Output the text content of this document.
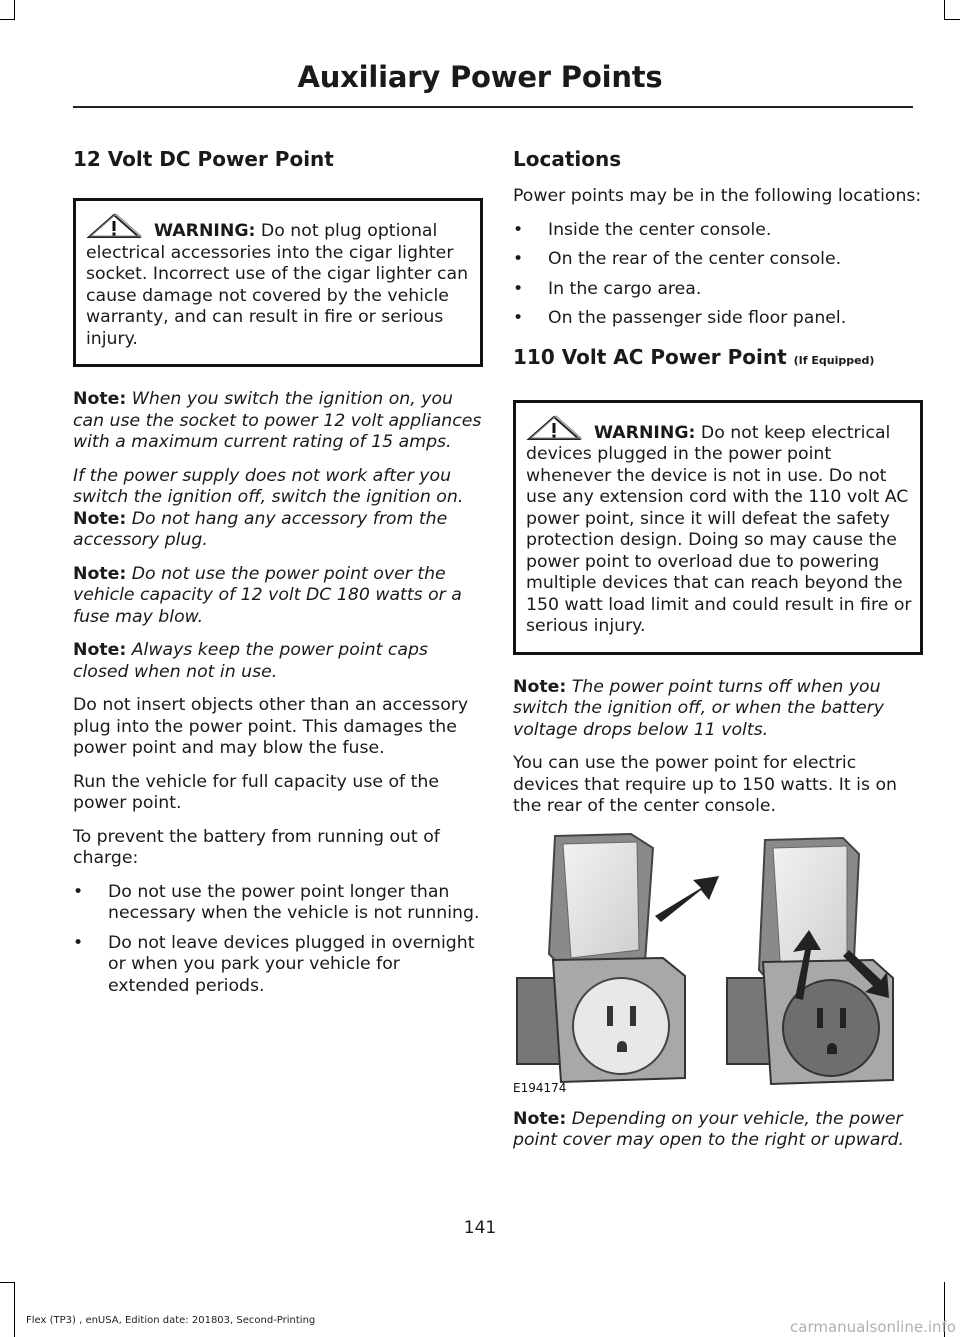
Auxiliary Power Points
12 Volt DC Power Point

WARNING: Do not plug optional electrical accessories into the cigar lighter socket. Incorrect use of the cigar lighter can cause damage not covered by the vehicle warranty, and can result in fire or serious injury.

Note: When you switch the ignition on, you can use the socket to power 12 volt appliances with a maximum current rating of 15 amps.

If the power supply does not work after you switch the ignition off, switch the ignition on.

Note: Do not hang any accessory from the accessory plug.

Note: Do not use the power point over the vehicle capacity of 12 volt DC 180 watts or a fuse may blow.

Note: Always keep the power point caps closed when not in use.

Do not insert objects other than an accessory plug into the power point. This damages the power point and may blow the fuse.

Run the vehicle for full capacity use of the power point.

To prevent the battery from running out of charge:

• Do not use the power point longer than necessary when the vehicle is not running.
• Do not leave devices plugged in overnight or when you park your vehicle for extended periods.
Locations

Power points may be in the following locations:

• Inside the center console.
• On the rear of the center console.
• In the cargo area.
• On the passenger side floor panel.
110 Volt AC Power Point (If Equipped)

WARNING: Do not keep electrical devices plugged in the power point whenever the device is not in use. Do not use any extension cord with the 110 volt AC power point, since it will defeat the safety protection design. Doing so may cause the power point to overload due to powering multiple devices that can reach beyond the 150 watt load limit and could result in fire or serious injury.

Note: The power point turns off when you switch the ignition off, or when the battery voltage drops below 11 volts.

You can use the power point for electric devices that require up to 150 watts. It is on the rear of the center console.

E194174

Note: Depending on your vehicle, the power point cover may open to the right or upward.

141
Flex (TP3) , enUSA, Edition date: 201803, Second-Printing	carmanualsonline.info
